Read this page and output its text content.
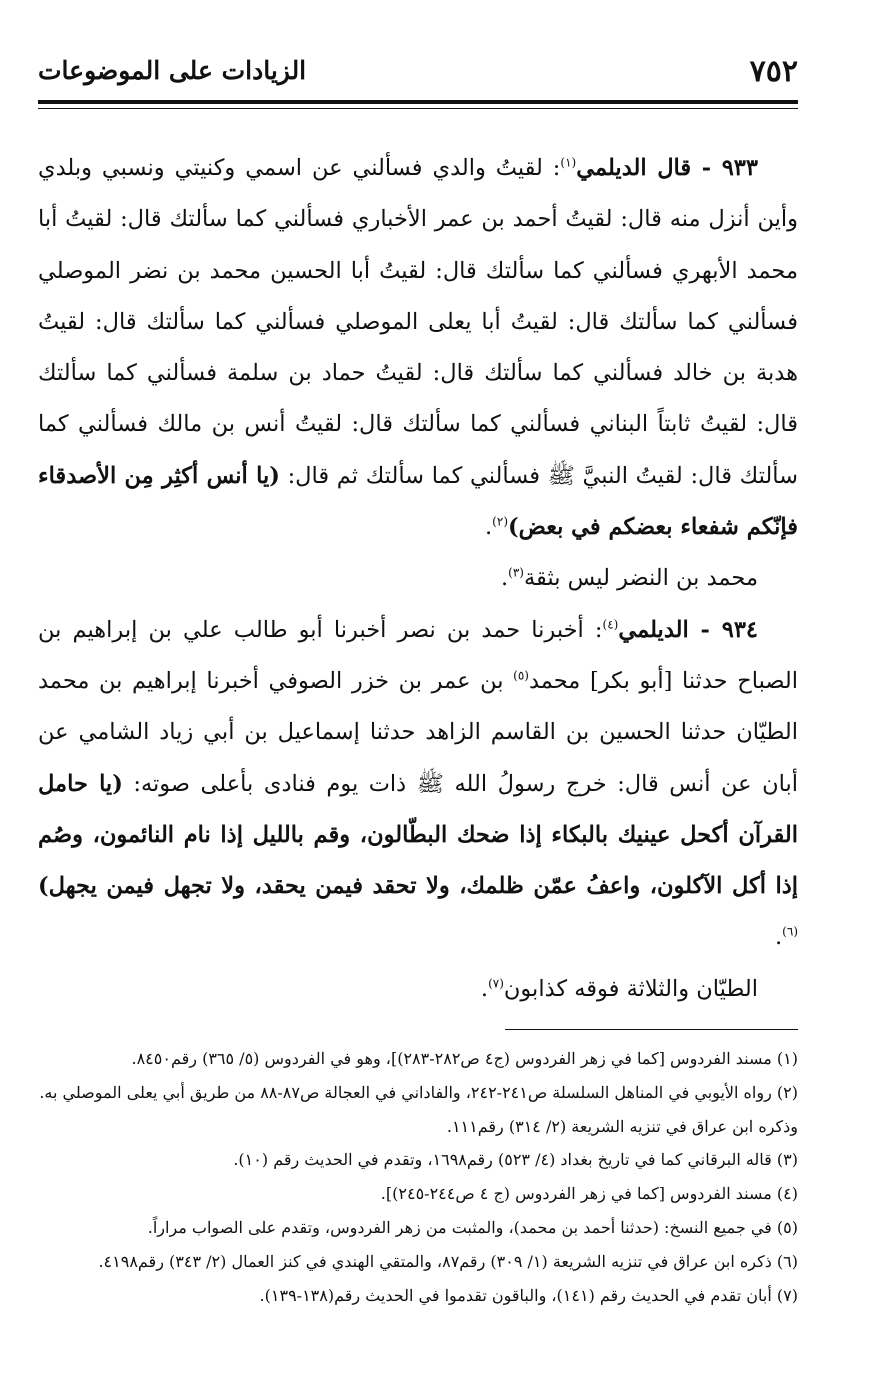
٧٥٢
الزيادات على الموضوعات

٩٣٣ - قال الديلمي$^{(١)}$: لقيتُ والدي فسألني عن اسمي وكنيتي ونسبي وبلدي وأين أنزل منه قال: لقيتُ أحمد بن عمر الأخباري فسألني كما سألتك قال: لقيتُ أبا محمد الأبهري فسألني كما سألتك قال: لقيتُ أبا الحسين محمد بن نضر الموصلي فسألني كما سألتك قال: لقيتُ أبا يعلى الموصلي فسألني كما سألتك قال: لقيتُ هدبة بن خالد فسألني كما سألتك قال: لقيتُ حماد بن سلمة فسألني كما سألتك قال: لقيتُ ثابتاً البناني فسألني كما سألتك قال: لقيتُ أنس بن مالك فسألني كما سألتك قال: لقيتُ النبيَّ ﷺ فسألني كما سألتك ثم قال: (يا أنس أكثِر مِن الأصدقاء فإنّكم شفعاء بعضكم في بعض)$^{(٢)}$.

محمد بن النضر ليس بثقة$^{(٣)}$.

٩٣٤ - الديلمي$^{(٤)}$: أخبرنا حمد بن نصر أخبرنا أبو طالب علي بن إبراهيم بن الصباح حدثنا [أبو بكر] محمد$^{(٥)}$ بن عمر بن خزر الصوفي أخبرنا إبراهيم بن محمد الطيّان حدثنا الحسين بن القاسم الزاهد حدثنا إسماعيل بن أبي زياد الشامي عن أبان عن أنس قال: خرج رسولُ الله ﷺ ذات يوم فنادى بأعلى صوته: (يا حامل القرآن أكحل عينيك بالبكاء إذا ضحك البطّالون، وقم بالليل إذا نام النائمون، وصُم إذا أكل الآكلون، واعفُ عمّن ظلمك، ولا تحقد فيمن يحقد، ولا تجهل فيمن يجهل)$^{(٦)}$.

الطيّان والثلاثة فوقه كذابون$^{(٧)}$.

(١) مسند الفردوس [كما في زهر الفردوس (ج٤ ص٢٨٢-٢٨٣)]، وهو في الفردوس (٥/ ٣٦٥) رقم٨٤٥٠.

(٢) رواه الأيوبي في المناهل السلسلة ص٢٤١-٢٤٢، والفاداني في العجالة ص٨٧-٨٨ من طريق أبي يعلى الموصلي به.

وذكره ابن عراق في تنزيه الشريعة (٢/ ٣١٤) رقم١١١.

(٣) قاله البرقاني كما في تاريخ بغداد (٤/ ٥٢٣) رقم١٦٩٨، وتقدم في الحديث رقم (١٠).

(٤) مسند الفردوس [كما في زهر الفردوس (ج ٤ ص٢٤٤-٢٤٥)].

(٥) في جميع النسخ: (حدثنا أحمد بن محمد)، والمثبت من زهر الفردوس، وتقدم على الصواب مراراً.

(٦) ذكره ابن عراق في تنزيه الشريعة (١/ ٣٠٩) رقم٨٧، والمتقي الهندي في كنز العمال (٢/ ٣٤٣) رقم٤١٩٨.

(٧) أبان تقدم في الحديث رقم (١٤١)، والباقون تقدموا في الحديث رقم(١٣٨-١٣٩).
